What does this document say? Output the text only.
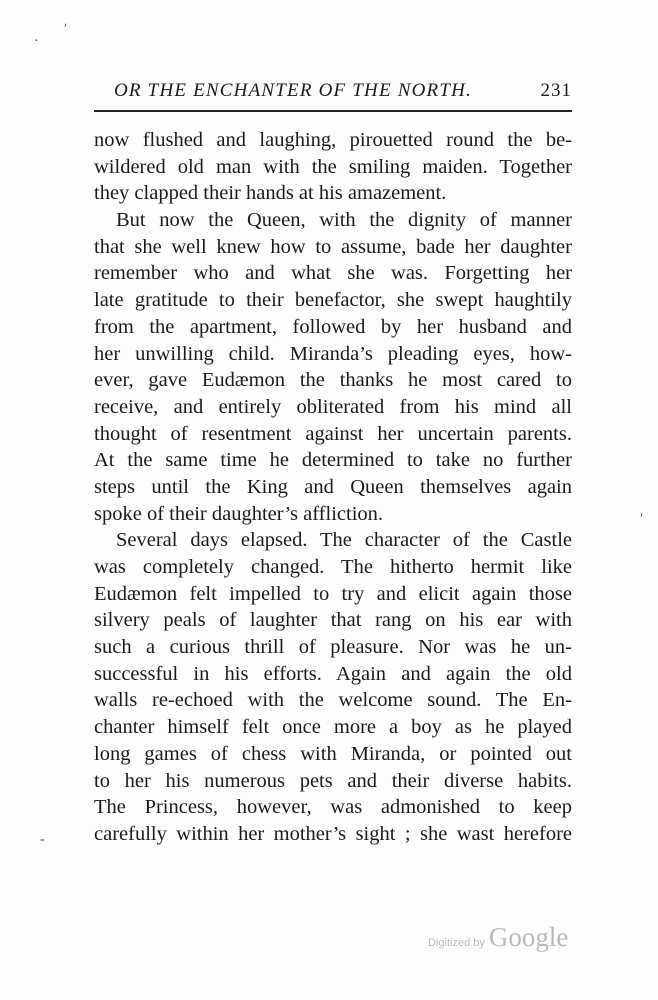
OR THE ENCHANTER OF THE NORTH.	231
now flushed and laughing, pirouetted round the be-
wildered old man with the smiling maiden. Together
they clapped their hands at his amazement.
But now the Queen, with the dignity of manner
that she well knew how to assume, bade her daughter
remember who and what she was. Forgetting her
late gratitude to their benefactor, she swept haughtily
from the apartment, followed by her husband and
her unwilling child. Miranda’s pleading eyes, how-
ever, gave Eudæmon the thanks he most cared to
receive, and entirely obliterated from his mind all
thought of resentment against her uncertain parents.
At the same time he determined to take no further
steps until the King and Queen themselves again
spoke of their daughter’s affliction.
Several days elapsed. The character of the Castle
was completely changed. The hitherto hermit like
Eudæmon felt impelled to try and elicit again those
silvery peals of laughter that rang on his ear with
such a curious thrill of pleasure. Nor was he un-
successful in his efforts. Again and again the old
walls re-echoed with the welcome sound. The En-
chanter himself felt once more a boy as he played
long games of chess with Miranda, or pointed out
to her his numerous pets and their diverse habits.
The Princess, however, was admonished to keep
carefully within her mother’s sight ; she wast herefore
·
ʹ
ʹ
-
Digitized by Google
